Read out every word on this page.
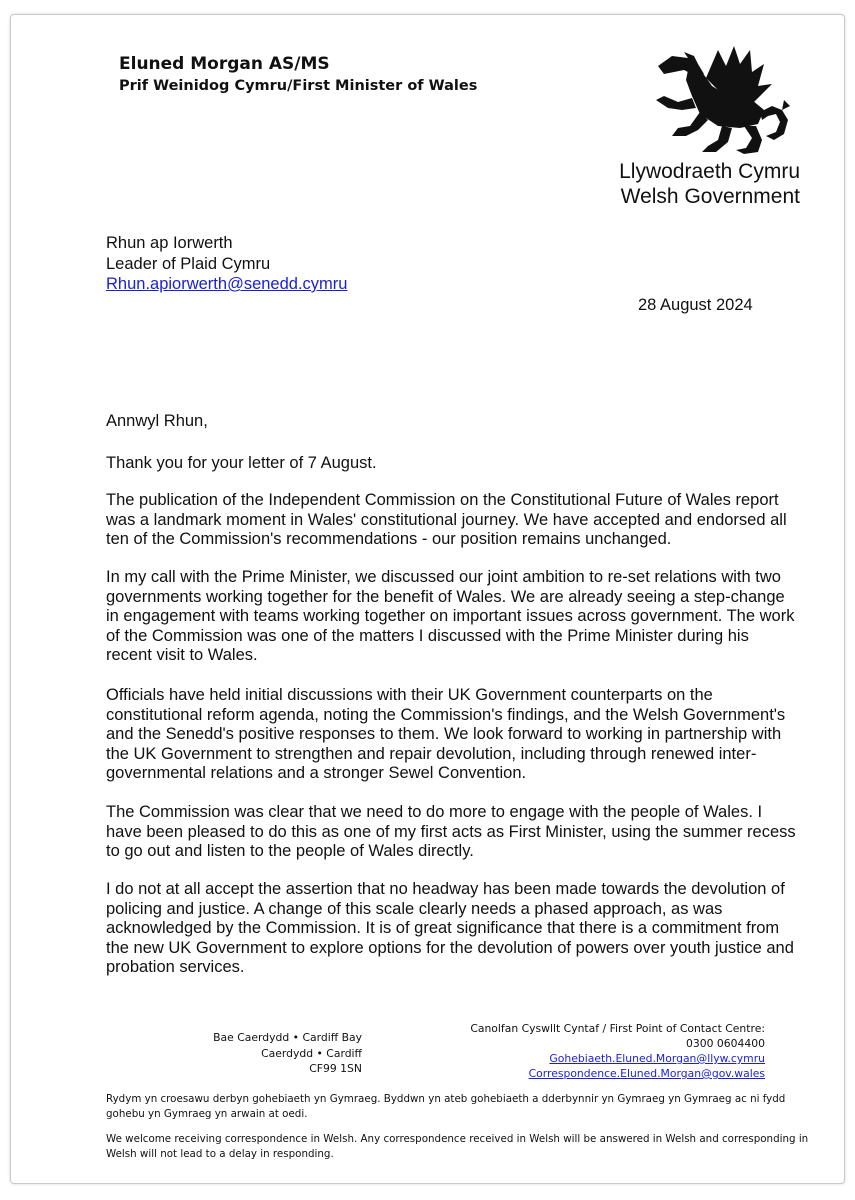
Eluned Morgan AS/MS
Prif Weinidog Cymru/First Minister of Wales
Llywodraeth Cymru
Welsh Government
Rhun ap Iorwerth
Leader of Plaid Cymru
Rhun.apiorwerth@senedd.cymru
28 August 2024
Annwyl Rhun,

Thank you for your letter of 7 August.

The publication of the Independent Commission on the Constitutional Future of Wales report was a landmark moment in Wales' constitutional journey. We have accepted and endorsed all ten of the Commission's recommendations - our position remains unchanged.

In my call with the Prime Minister, we discussed our joint ambition to re-set relations with two governments working together for the benefit of Wales. We are already seeing a step-change in engagement with teams working together on important issues across government. The work of the Commission was one of the matters I discussed with the Prime Minister during his recent visit to Wales.

Officials have held initial discussions with their UK Government counterparts on the constitutional reform agenda, noting the Commission's findings, and the Welsh Government's and the Senedd's positive responses to them. We look forward to working in partnership with the UK Government to strengthen and repair devolution, including through renewed inter-governmental relations and a stronger Sewel Convention.

The Commission was clear that we need to do more to engage with the people of Wales. I have been pleased to do this as one of my first acts as First Minister, using the summer recess to go out and listen to the people of Wales directly.

I do not at all accept the assertion that no headway has been made towards the devolution of policing and justice. A change of this scale clearly needs a phased approach, as was acknowledged by the Commission. It is of great significance that there is a commitment from the new UK Government to explore options for the devolution of powers over youth justice and probation services.

Bae Caerdydd • Cardiff Bay
Caerdydd • Cardiff
CF99 1SN
Canolfan Cyswllt Cyntaf / First Point of Contact Centre:
0300 0604400
Gohebiaeth.Eluned.Morgan@llyw.cymru
Correspondence.Eluned.Morgan@gov.wales

Rydym yn croesawu derbyn gohebiaeth yn Gymraeg. Byddwn yn ateb gohebiaeth a dderbynnir yn Gymraeg yn Gymraeg ac ni fydd gohebu yn Gymraeg yn arwain at oedi.

We welcome receiving correspondence in Welsh. Any correspondence received in Welsh will be answered in Welsh and corresponding in Welsh will not lead to a delay in responding.
